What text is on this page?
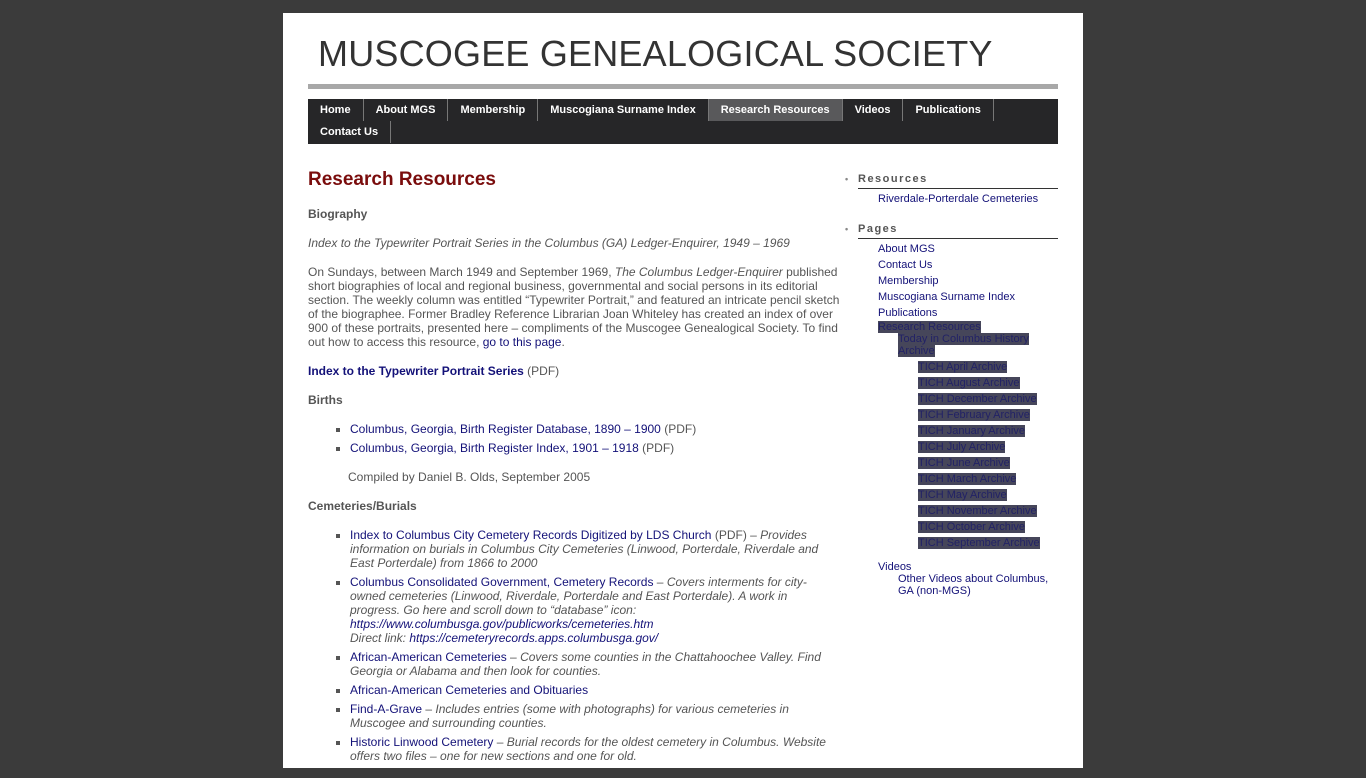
MUSCOGEE GENEALOGICAL SOCIETY
Home	About MGS	Membership	Muscogiana Surname Index	Research Resources	Videos	Publications
Contact Us
Research Resources
Biography

Index to the Typewriter Portrait Series in the Columbus (GA) Ledger-Enquirer, 1949 – 1969

On Sundays, between March 1949 and September 1969, The Columbus Ledger-Enquirer published short biographies of local and regional business, governmental and social persons in its editorial section. The weekly column was entitled “Typewriter Portrait,” and featured an intricate pencil sketch of the biographee. Former Bradley Reference Librarian Joan Whiteley has created an index of over 900 of these portraits, presented here – compliments of the Muscogee Genealogical Society. To find out how to access this resource, go to this page.

Index to the Typewriter Portrait Series (PDF)

Births
▪ Columbus, Georgia, Birth Register Database, 1890 – 1900 (PDF)
▪ Columbus, Georgia, Birth Register Index, 1901 – 1918 (PDF)

Compiled by Daniel B. Olds, September 2005

Cemeteries/Burials
▪ Index to Columbus City Cemetery Records Digitized by LDS Church (PDF) – Provides information on burials in Columbus City Cemeteries (Linwood, Porterdale, Riverdale and East Porterdale) from 1866 to 2000
▪ Columbus Consolidated Government, Cemetery Records – Covers interments for city-owned cemeteries (Linwood, Riverdale, Porterdale and East Porterdale). A work in progress. Go here and scroll down to “database” icon:
https://www.columbusga.gov/publicworks/cemeteries.htm
Direct link: https://cemeteryrecords.apps.columbusga.gov/
▪ African-American Cemeteries – Covers some counties in the Chattahoochee Valley. Find Georgia or Alabama and then look for counties.
▪ African-American Cemeteries and Obituaries
▪ Find-A-Grave – Includes entries (some with photographs) for various cemeteries in Muscogee and surrounding counties.
▪ Historic Linwood Cemetery – Burial records for the oldest cemetery in Columbus. Website offers two files – one for new sections and one for old.
• Resources
Riverdale-Porterdale Cemeteries
• Pages
About MGS
Contact Us
Membership
Muscogiana Surname Index
Publications
Research Resources
Today in Columbus History Archive
TICH April Archive
TICH August Archive
TICH December Archive
TICH February Archive
TICH January Archive
TICH July Archive
TICH June Archive
TICH March Archive
TICH May Archive
TICH November Archive
TICH October Archive
TICH September Archive
Videos
Other Videos about Columbus, GA (non-MGS)
